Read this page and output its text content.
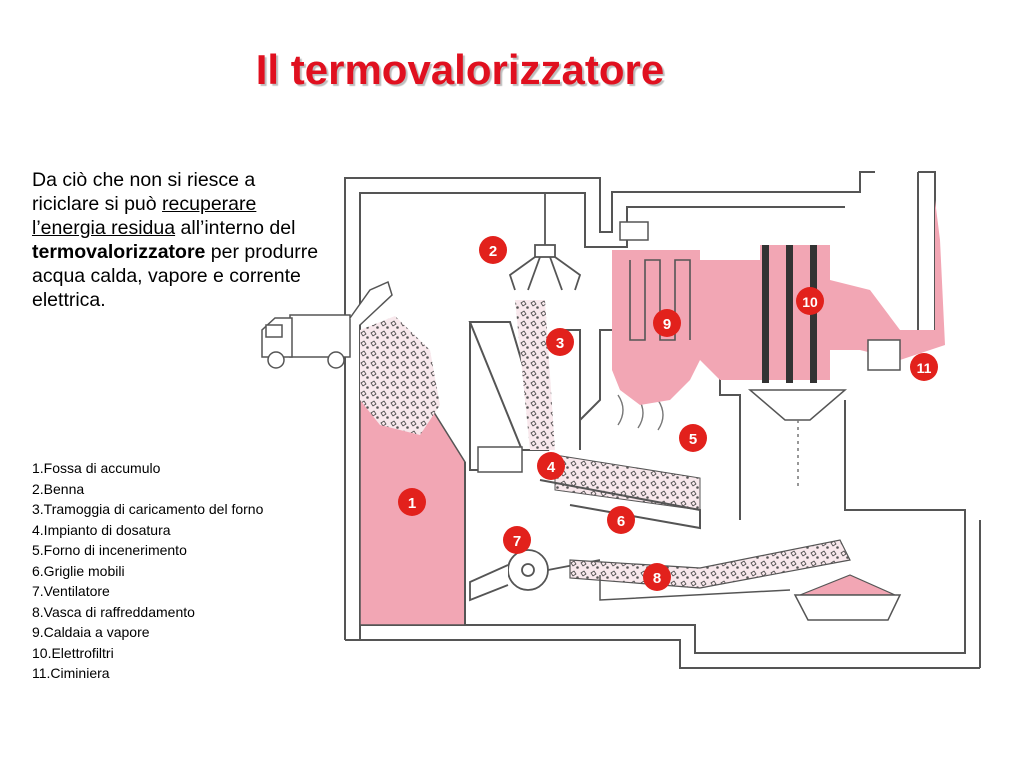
Il termovalorizzatore
Da ciò che non si riesce a riciclare si può recuperare l’energia residua all’interno del termovalorizzatore per produrre acqua calda, vapore e corrente elettrica.
1.Fossa di accumulo
2.Benna
3.Tramoggia di caricamento del forno
4.Impianto di dosatura
5.Forno di incenerimento
6.Griglie mobili
7.Ventilatore
8.Vasca di raffreddamento
9.Caldaia a vapore
10.Elettrofiltri
11.Ciminiera
1
2
3
4
5
6
7
8
9
10
11
